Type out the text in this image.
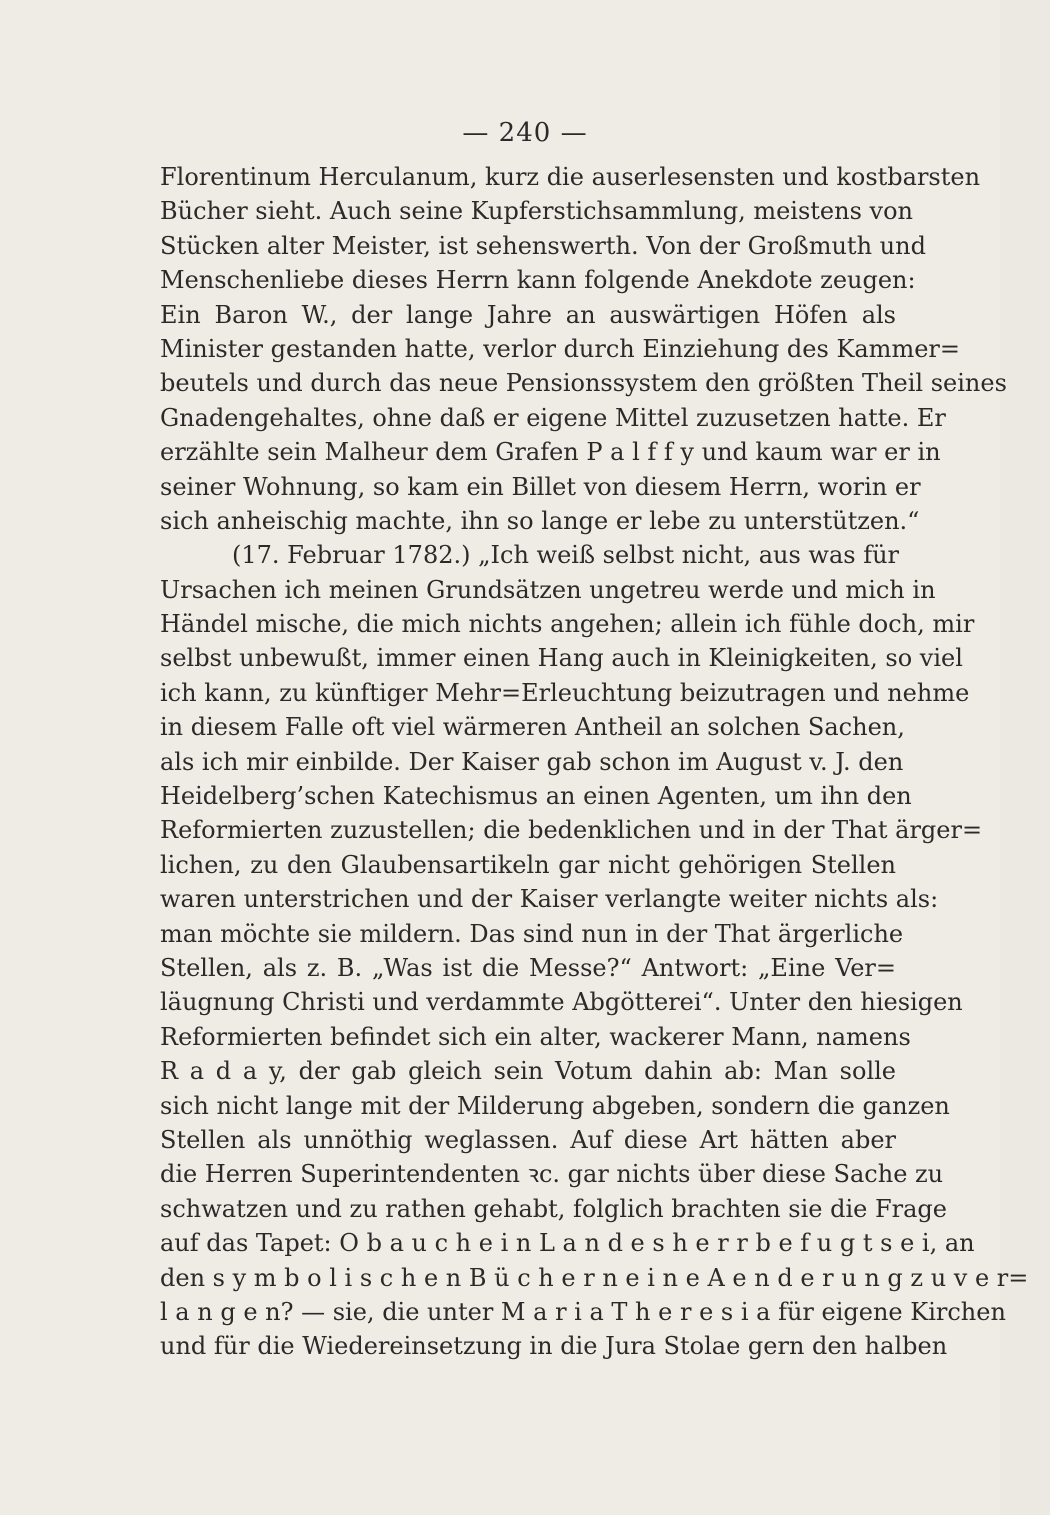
— 240 —
Florentinum Herculanum, kurz die auserlesensten und kostbarsten
Bücher sieht. Auch seine Kupferstichsammlung, meistens von
Stücken alter Meister, ist sehenswerth. Von der Großmuth und
Menschenliebe dieses Herrn kann folgende Anekdote zeugen:
Ein Baron W., der lange Jahre an auswärtigen Höfen als
Minister gestanden hatte, verlor durch Einziehung des Kammer=
beutels und durch das neue Pensionssystem den größten Theil seines
Gnadengehaltes, ohne daß er eigene Mittel zuzusetzen hatte. Er
erzählte sein Malheur dem Grafen P a l f f y und kaum war er in
seiner Wohnung, so kam ein Billet von diesem Herrn, worin er
sich anheischig machte, ihn so lange er lebe zu unterstützen.“
(17. Februar 1782.) „Ich weiß selbst nicht, aus was für
Ursachen ich meinen Grundsätzen ungetreu werde und mich in
Händel mische, die mich nichts angehen; allein ich fühle doch, mir
selbst unbewußt, immer einen Hang auch in Kleinigkeiten, so viel
ich kann, zu künftiger Mehr=Erleuchtung beizutragen und nehme
in diesem Falle oft viel wärmeren Antheil an solchen Sachen,
als ich mir einbilde. Der Kaiser gab schon im August v. J. den
Heidelberg’schen Katechismus an einen Agenten, um ihn den
Reformierten zuzustellen; die bedenklichen und in der That ärger=
lichen, zu den Glaubensartikeln gar nicht gehörigen Stellen
waren unterstrichen und der Kaiser verlangte weiter nichts als:
man möchte sie mildern. Das sind nun in der That ärgerliche
Stellen, als z. B. „Was ist die Messe?“ Antwort: „Eine Ver=
läugnung Christi und verdammte Abgötterei“. Unter den hiesigen
Reformierten befindet sich ein alter, wackerer Mann, namens
R a d a y, der gab gleich sein Votum dahin ab: Man solle
sich nicht lange mit der Milderung abgeben, sondern die ganzen
Stellen als unnöthig weglassen. Auf diese Art hätten aber
die Herren Superintendenten ꝛc. gar nichts über diese Sache zu
schwatzen und zu rathen gehabt, folglich brachten sie die Frage
auf das Tapet: O b a u c h e i n L a n d e s h e r r b e f u g t s e i, an
den s y m b o l i s c h e n B ü c h e r n e i n e A e n d e r u n g z u v e r=
l a n g e n? — sie, die unter M a r i a T h e r e s i a für eigene Kirchen
und für die Wiedereinsetzung in die Jura Stolae gern den halben
